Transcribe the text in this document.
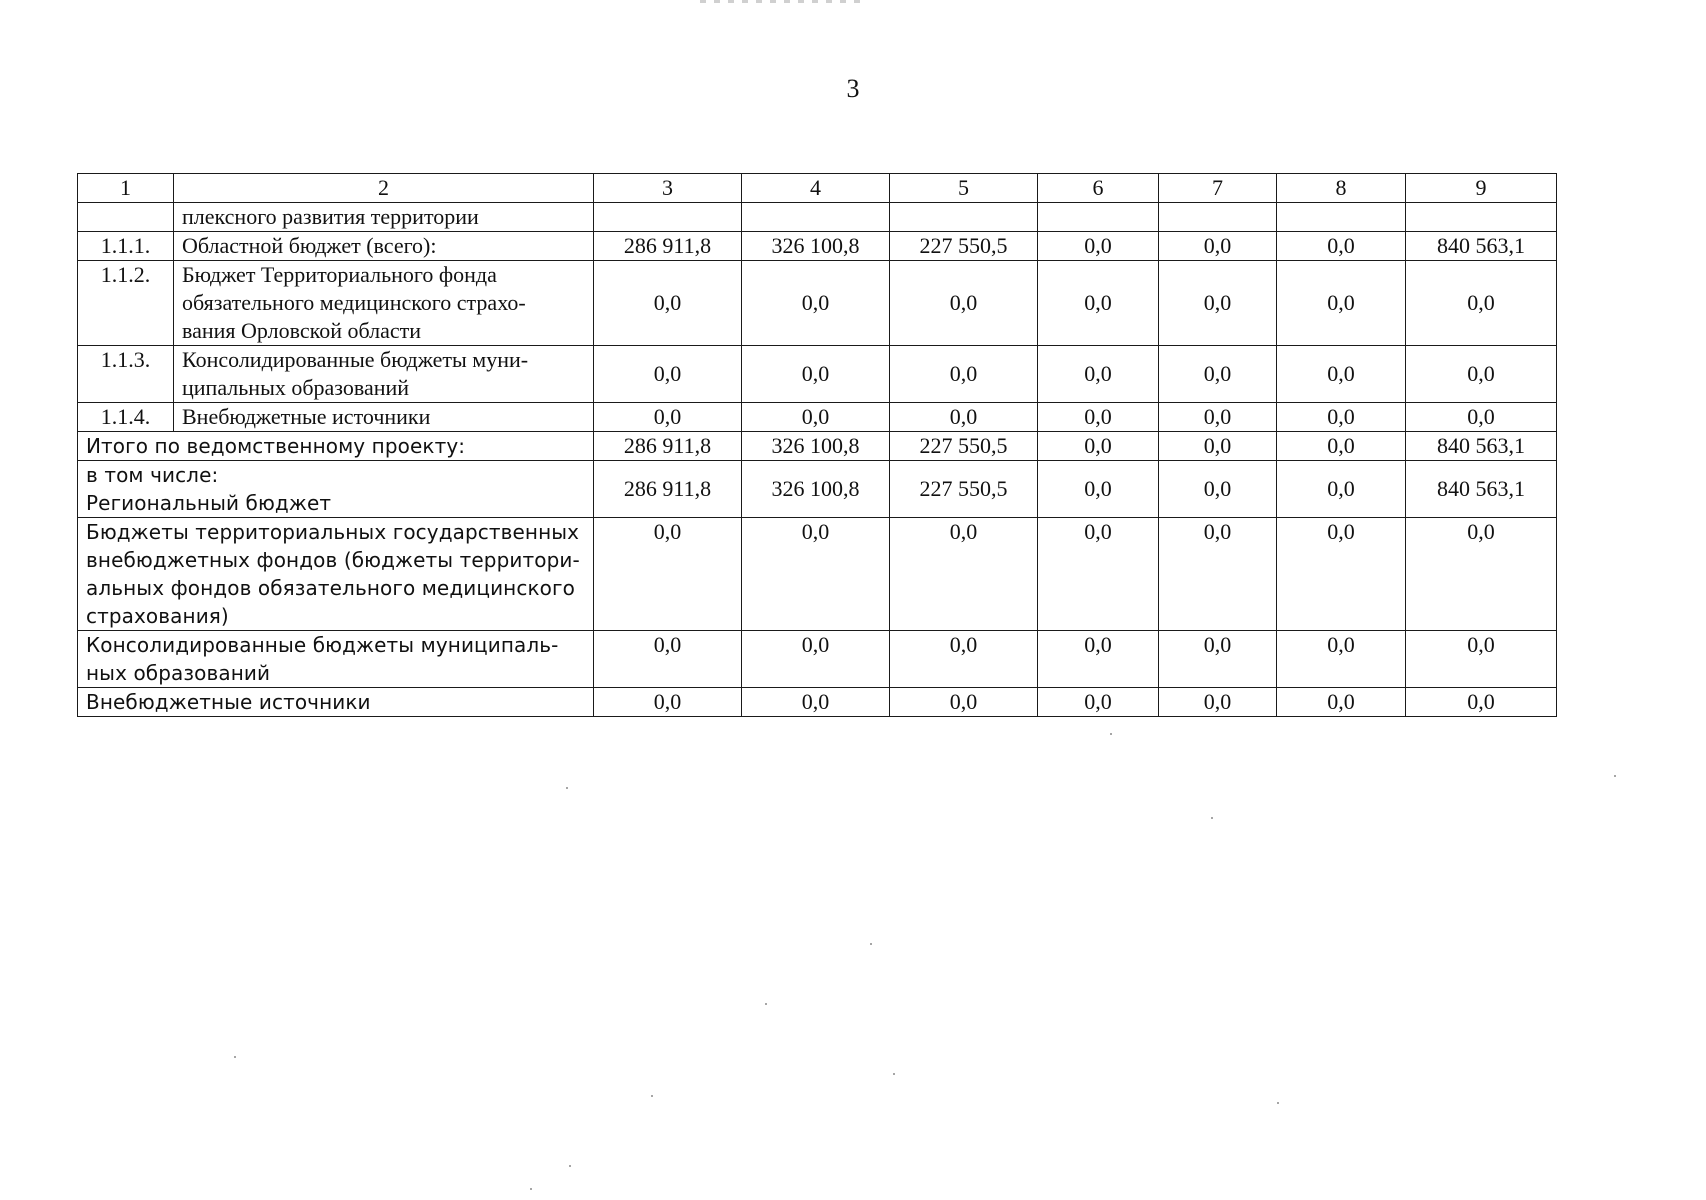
3
1	2	3	4	5	6	7	8	9
	плексного развития территории							
1.1.1.	Областной бюджет (всего):	286 911,8	326 100,8	227 550,5	0,0	0,0	0,0	840 563,1
1.1.2.	Бюджет Территориального фонда
обязательного медицинского страхо-
вания Орловской области	0,0	0,0	0,0	0,0	0,0	0,0	0,0
1.1.3.	Консолидированные бюджеты муни-
ципальных образований	0,0	0,0	0,0	0,0	0,0	0,0	0,0
1.1.4.	Внебюджетные источники	0,0	0,0	0,0	0,0	0,0	0,0	0,0
Итого по ведомственному проекту:		286 911,8	326 100,8	227 550,5	0,0	0,0	0,0	840 563,1

в том числе:
Региональный бюджет		286 911,8	326 100,8	227 550,5	0,0	0,0	0,0	840 563,1

Бюджеты территориальных государственных
внебюджетных фондов (бюджеты территори-
альных фондов обязательного медицинского
страхования)		0,0	0,0	0,0	0,0	0,0	0,0	0,0

Консолидированные бюджеты муниципаль-
ных образований		0,0	0,0	0,0	0,0	0,0	0,0	0,0

Внебюджетные источники		0,0	0,0	0,0	0,0	0,0	0,0	0,0
